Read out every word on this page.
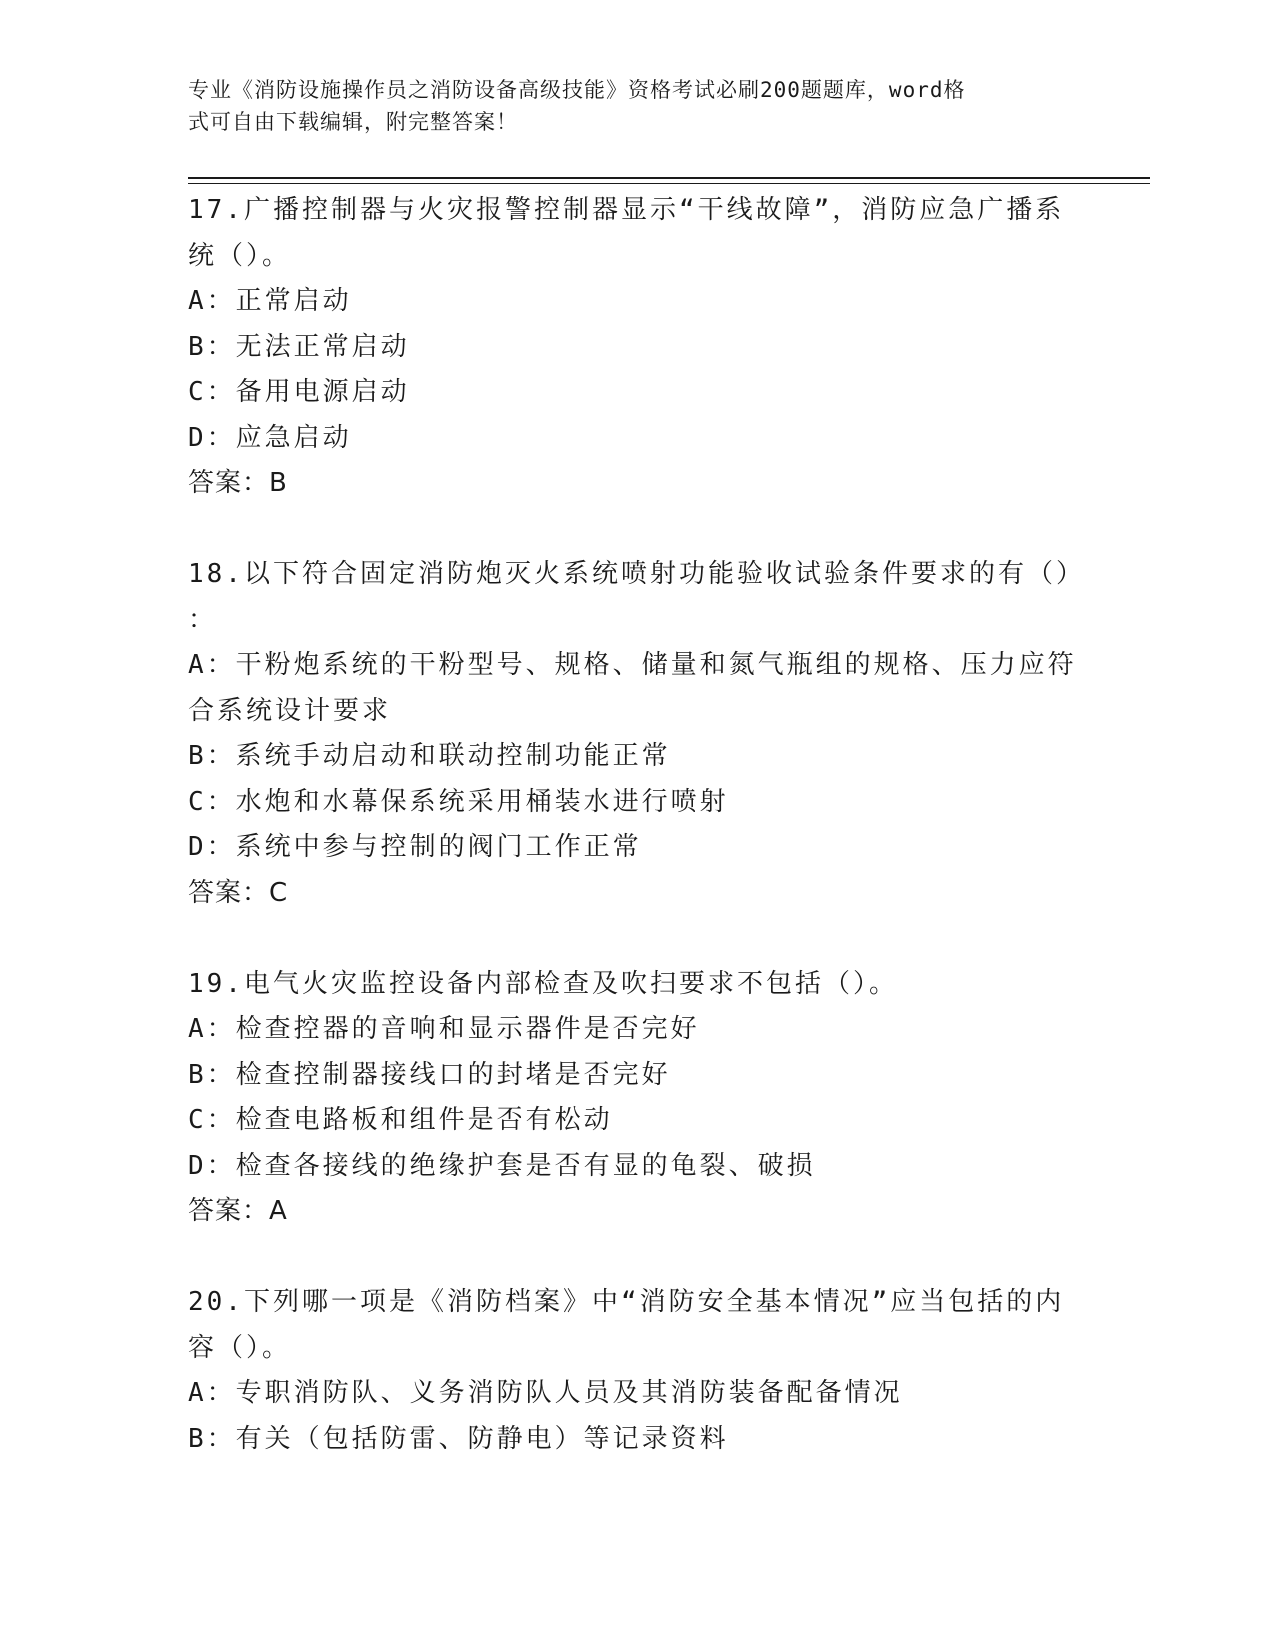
专业《消防设施操作员之消防设备高级技能》资格考试必刷200题题库，word格
式可自由下载编辑，附完整答案！
17.广播控制器与火灾报警控制器显示“干线故障”，消防应急广播系
统（）。
A：正常启动
B：无法正常启动
C：备用电源启动
D：应急启动
答案：B
18.以下符合固定消防炮灭火系统喷射功能验收试验条件要求的有（）
：
A：干粉炮系统的干粉型号、规格、储量和氮气瓶组的规格、压力应符
合系统设计要求
B：系统手动启动和联动控制功能正常
C：水炮和水幕保系统采用桶装水进行喷射
D：系统中参与控制的阀门工作正常
答案：C
19.电气火灾监控设备内部检查及吹扫要求不包括（）。
A：检查控器的音响和显示器件是否完好
B：检查控制器接线口的封堵是否完好
C：检查电路板和组件是否有松动
D：检查各接线的绝缘护套是否有显的龟裂、破损
答案：A
20.下列哪一项是《消防档案》中“消防安全基本情况”应当包括的内
容（）。
A：专职消防队、义务消防队人员及其消防装备配备情况
B：有关（包括防雷、防静电）等记录资料
